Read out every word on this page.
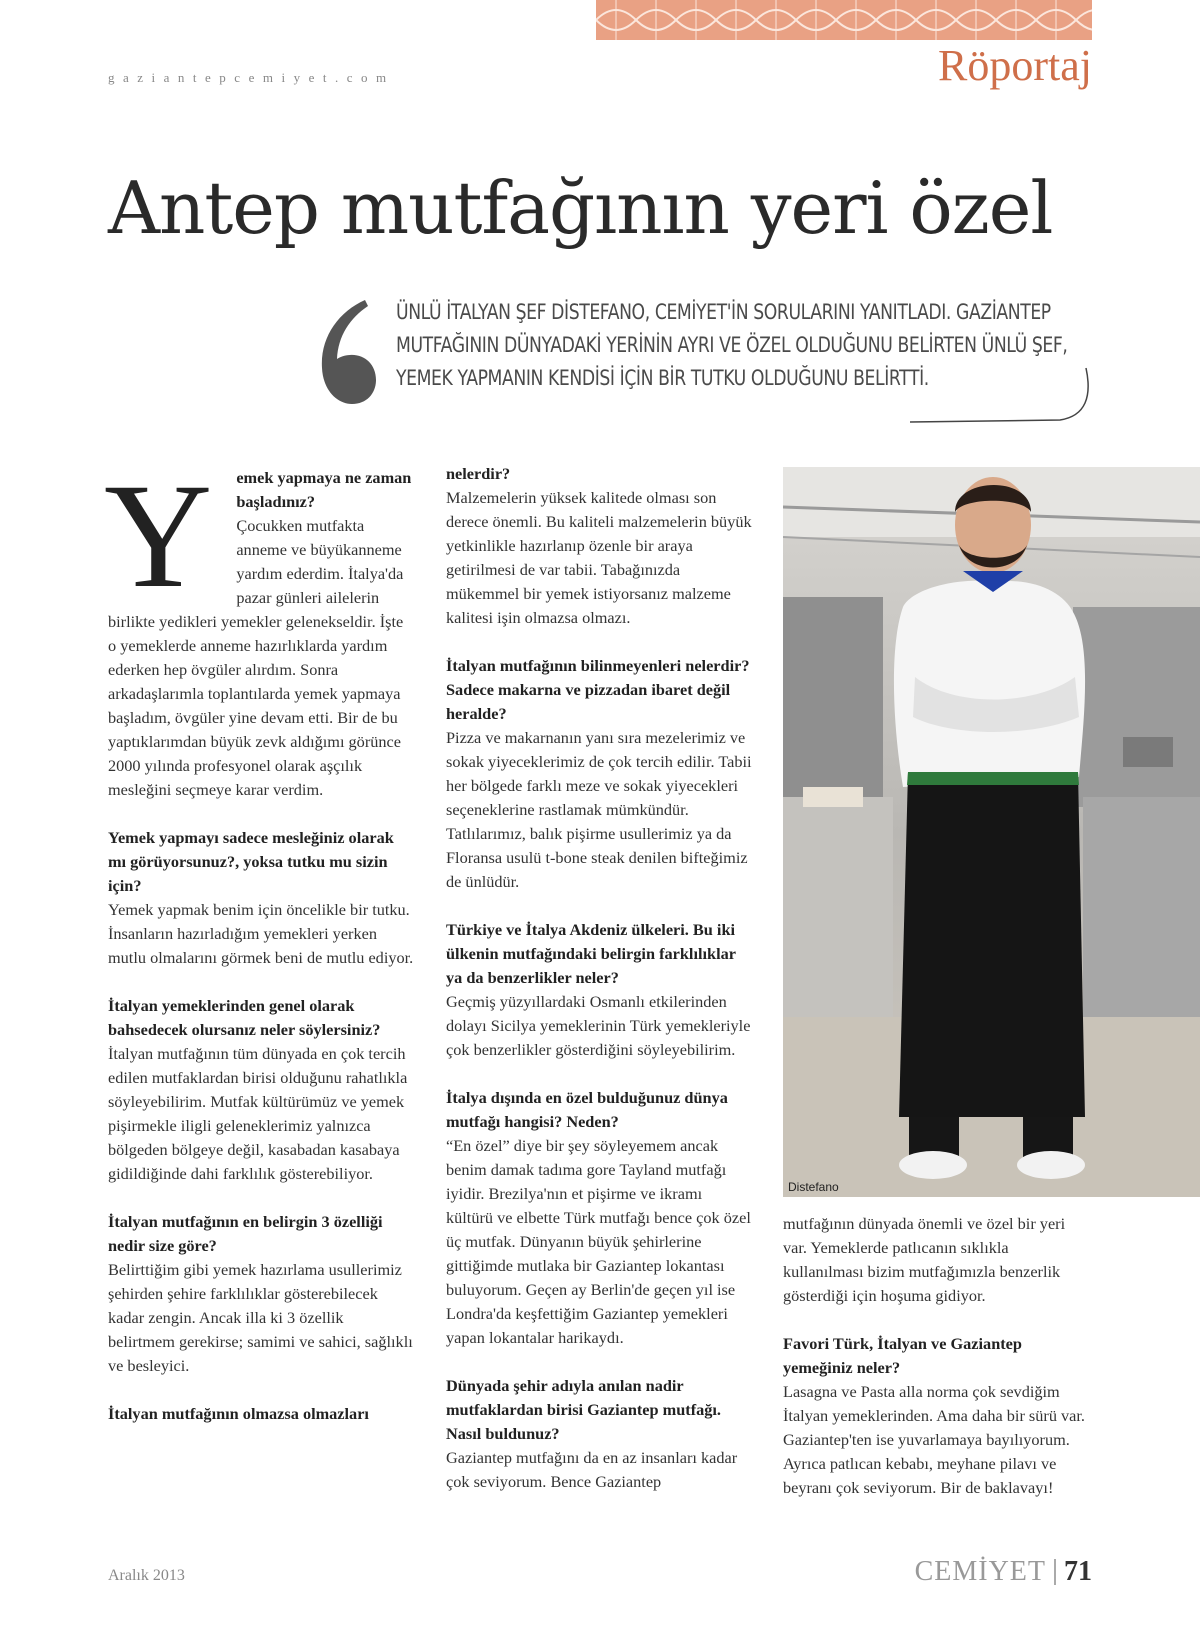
gaziantepcemiyet.com	Röportaj
Antep mutfağının yeri özel
ÜNLÜ İTALYAN ŞEF DİSTEFANO, CEMİYET'İN SORULARINI YANITLADI. GAZİANTEP
MUTFAĞININ DÜNYADAKİ YERİNİN AYRI VE ÖZEL OLDUĞUNU BELİRTEN ÜNLÜ ŞEF,
YEMEK YAPMANIN KENDİSİ İÇİN BİR TUTKU OLDUĞUNU BELİRTTİ.
Y	emek yapmaya ne zaman başladınız?

Çocukken mutfakta anneme ve büyükanneme yardım ederdim. İtalya'da pazar günleri ailelerin birlikte yedikleri yemekler gelenekseldir. İşte o yemeklerde anneme hazırlıklarda yardım ederken hep övgüler alırdım. Sonra arkadaşlarımla toplantılarda yemek yapmaya başladım, övgüler yine devam etti. Bir de bu yaptıklarımdan büyük zevk aldığımı görünce 2000 yılında profesyonel olarak aşçılık mesleğini seçmeye karar verdim.

Yemek yapmayı sadece mesleğiniz olarak mı görüyorsunuz?, yoksa tutku mu sizin için?

Yemek yapmak benim için öncelikle bir tutku. İnsanların hazırladığım yemekleri yerken mutlu olmalarını görmek beni de mutlu ediyor.

İtalyan yemeklerinden genel olarak bahsedecek olursanız neler söylersiniz?

İtalyan mutfağının tüm dünyada en çok tercih edilen mutfaklardan birisi olduğunu rahatlıkla söyleyebilirim. Mutfak kültürümüz ve yemek pişirmekle iligli geleneklerimiz yalnızca bölgeden bölgeye değil, kasabadan kasabaya gidildiğinde dahi farklılık gösterebiliyor.

İtalyan mutfağının en belirgin 3 özelliği nedir size göre?

Belirttiğim gibi yemek hazırlama usullerimiz şehirden şehire farklılıklar gösterebilecek kadar zengin. Ancak illa ki 3 özellik belirtmem gerekirse; samimi ve sahici, sağlıklı ve besleyici.

İtalyan mutfağının olmazsa olmazları

nelerdir?

Malzemelerin yüksek kalitede olması son derece önemli. Bu kaliteli malzemelerin büyük yetkinlikle hazırlanıp özenle bir araya getirilmesi de var tabii. Tabağınızda mükemmel bir yemek istiyorsanız malzeme kalitesi işin olmazsa olmazı.

İtalyan mutfağının bilinmeyenleri nelerdir? Sadece makarna ve pizzadan ibaret değil heralde?

Pizza ve makarnanın yanı sıra mezelerimiz ve sokak yiyeceklerimiz de çok tercih edilir. Tabii her bölgede farklı meze ve sokak yiyecekleri seçeneklerine rastlamak mümkündür. Tatlılarımız, balık pişirme usullerimiz ya da Floransa usulü t-bone steak denilen bifteğimiz de ünlüdür.

Türkiye ve İtalya Akdeniz ülkeleri. Bu iki ülkenin mutfağındaki belirgin farklılıklar ya da benzerlikler neler?

Geçmiş yüzyıllardaki Osmanlı etkilerinden dolayı Sicilya yemeklerinin Türk yemekleriyle çok benzerlikler gösterdiğini söyleyebilirim.

İtalya dışında en özel bulduğunuz dünya mutfağı hangisi? Neden?

“En özel” diye bir şey söyleyemem ancak benim damak tadıma gore Tayland mutfağı iyidir. Brezilya'nın et pişirme ve ikramı kültürü ve elbette Türk mutfağı bence çok özel üç mutfak. Dünyanın büyük şehirlerine gittiğimde mutlaka bir Gaziantep lokantası buluyorum. Geçen ay Berlin'de geçen yıl ise Londra'da keşfettiğim Gaziantep yemekleri yapan lokantalar harikaydı.

Dünyada şehir adıyla anılan nadir mutfaklardan birisi Gaziantep mutfağı. Nasıl buldunuz?

Gaziantep mutfağını da en az insanları kadar çok seviyorum. Bence Gaziantep

Distefano

mutfağının dünyada önemli ve özel bir yeri var. Yemeklerde patlıcanın sıklıkla kullanılması bizim mutfağımızla benzerlik gösterdiği için hoşuma gidiyor.

Favori Türk, İtalyan ve Gaziantep yemeğiniz neler?

Lasagna ve Pasta alla norma çok sevdiğim İtalyan yemeklerinden. Ama daha bir sürü var. Gaziantep'ten ise yuvarlamaya bayılıyorum. Ayrıca patlıcan kebabı, meyhane pilavı ve beyranı çok seviyorum. Bir de baklavayı!

Aralık 2013	CEMİYET 71
